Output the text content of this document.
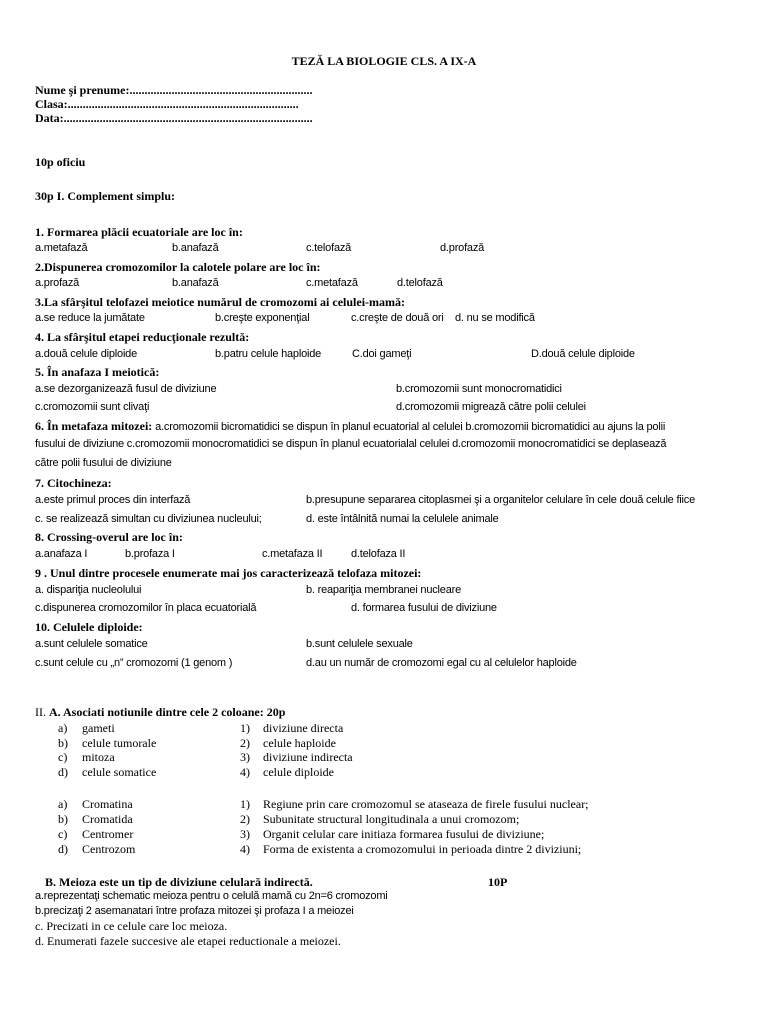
TEZĂ LA BIOLOGIE CLS. A IX-A
Nume şi prenume:.............................................................
Clasa:.............................................................................
Data:...................................................................................
10p oficiu
30p I. Complement simplu:
1. Formarea plăcii ecuatoriale are loc în:
a.metafază	b.anafază	c.telofază	d.profază
2.Dispunerea cromozomilor la calotele polare are loc în:
a.profază	b.anafază	c.metafază	d.telofază
3.La sfârşitul telofazei meiotice numărul de cromozomi ai celulei-mamă:
a.se reduce la jumătate	b.creşte exponenţial	c.creşte de două ori d. nu se modifică
4. La sfârşitul etapei reducţionale rezultă:
a.două celule diploide	b.patru celule haploide	C.doi gameţi	D.două celule diploide
5. În anafaza I meiotică:
a.se dezorganizează fusul de diviziune	b.cromozomii sunt monocromatidici
c.cromozomii sunt clivaţi	d.cromozomii migrează către polii celulei
6. În metafaza mitozei: a.cromozomii bicromatidici se dispun în planul ecuatorial al celulei b.cromozomii bicromatidici au ajuns la polii
fusului de diviziune c.cromozomii monocromatidici se dispun în planul ecuatorialal celulei d.cromozomii monocromatidici se deplasează
către polii fusului de diviziune
7. Citochineza:
a.este primul proces din interfază	b.presupune separarea citoplasmei şi a organitelor celulare în cele două celule fiice
c. se realizează simultan cu diviziunea nucleului;	d. este întâlnită numai la celulele animale
8. Crossing-overul are loc în:
a.anafaza I	b.profaza I	c.metafaza II	d.telofaza II
9 . Unul dintre procesele enumerate mai jos caracterizează telofaza mitozei:
a. dispariţia nucleolului	b. reapariţia membranei nucleare
c.dispunerea cromozomilor în placa ecuatorială	d. formarea fusului de diviziune
10. Celulele diploide:
a.sunt celulele somatice	b.sunt celulele sexuale
c.sunt celule cu „n” cromozomi (1 genom )	d.au un număr de cromozomi egal cu al celulelor haploide
II. A. Asociati notiunile dintre cele 2 coloane: 20p
a) gameti	1) diviziune directa
b) celule tumorale	2) celule haploide
c) mitoza	3) diviziune indirecta
d) celule somatice	4) celule diploide
a) Cromatina	1) Regiune prin care cromozomul se ataseaza de firele fusului nuclear;
b) Cromatida	2) Subunitate structural longitudinala a unui cromozom;
c) Centromer	3) Organit celular care initiaza formarea fusului de diviziune;
d) Centrozom	4) Forma de existenta a cromozomului in perioada dintre 2 diviziuni;
B. Meioza este un tip de diviziune celulară indirectă.	10P
a.reprezentaţi schematic meioza pentru o celulă mamă cu 2n=6 cromozomi
b.precizaţi 2 asemanatari între profaza mitozei şi profaza I a meiozei
c. Precizati in ce celule care loc meioza.
d. Enumerati fazele succesive ale etapei reductionale a meiozei.
